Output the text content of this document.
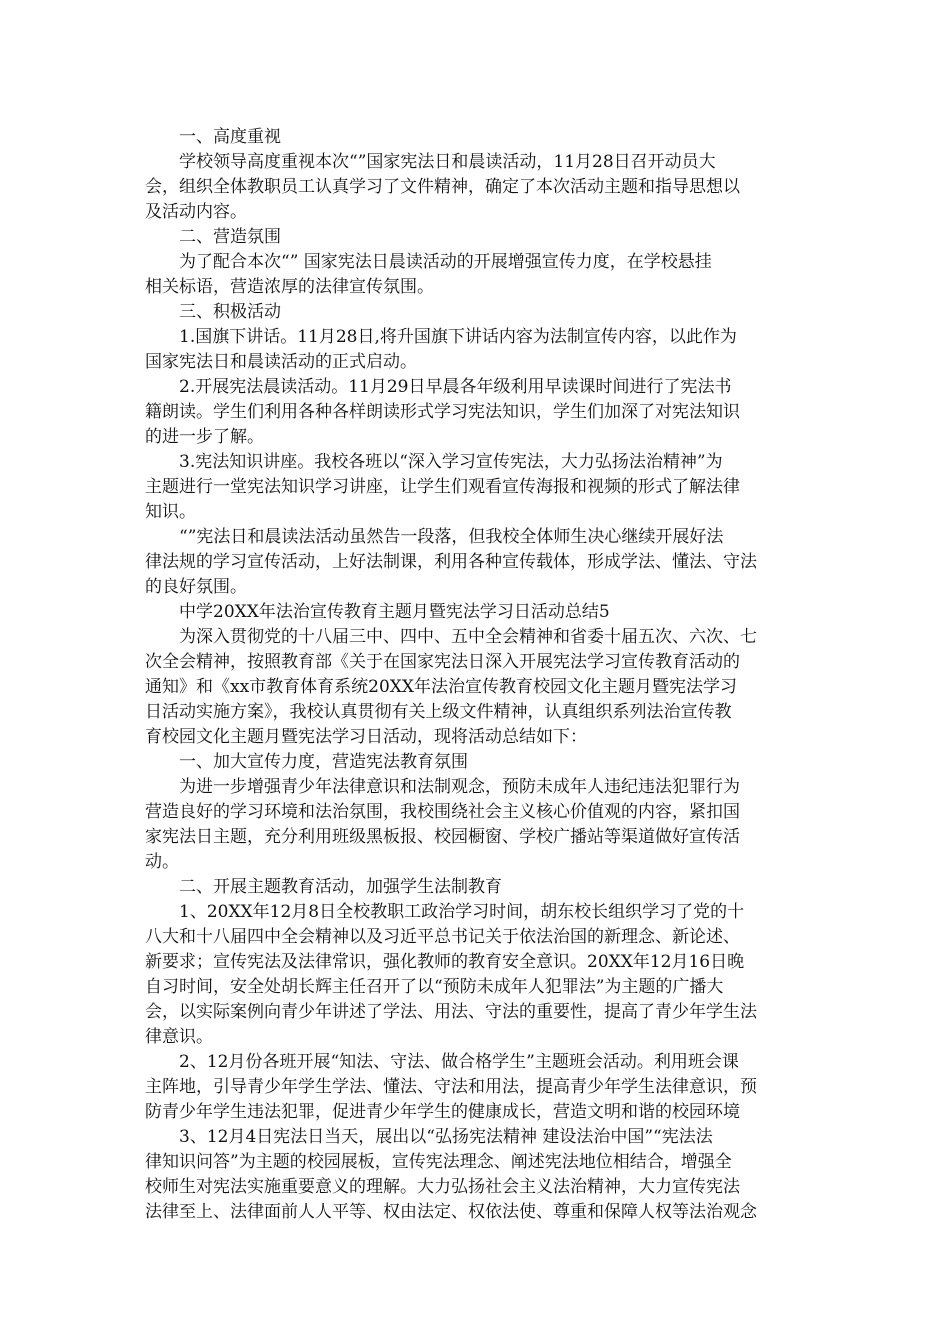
一、高度重视
学校领导高度重视本次“”国家宪法日和晨读活动，11月28日召开动员大
会，组织全体教职员工认真学习了文件精神，确定了本次活动主题和指导思想以
及活动内容。
二、营造氛围
为了配合本次“” 国家宪法日晨读活动的开展增强宣传力度，在学校悬挂
相关标语，营造浓厚的法律宣传氛围。
三、积极活动
1.国旗下讲话。11月28日,将升国旗下讲话内容为法制宣传内容，以此作为
国家宪法日和晨读活动的正式启动。
2.开展宪法晨读活动。11月29日早晨各年级利用早读课时间进行了宪法书
籍朗读。学生们利用各种各样朗读形式学习宪法知识，学生们加深了对宪法知识
的进一步了解。
3.宪法知识讲座。我校各班以“深入学习宣传宪法，大力弘扬法治精神”为
主题进行一堂宪法知识学习讲座，让学生们观看宣传海报和视频的形式了解法律
知识。
“”宪法日和晨读法活动虽然告一段落，但我校全体师生决心继续开展好法
律法规的学习宣传活动，上好法制课，利用各种宣传载体，形成学法、懂法、守法
的良好氛围。
中学20XX年法治宣传教育主题月暨宪法学习日活动总结5
为深入贯彻党的十八届三中、四中、五中全会精神和省委十届五次、六次、七
次全会精神，按照教育部《关于在国家宪法日深入开展宪法学习宣传教育活动的
通知》和《xx市教育体育系统20XX年法治宣传教育校园文化主题月暨宪法学习
日活动实施方案》，我校认真贯彻有关上级文件精神，认真组织系列法治宣传教
育校园文化主题月暨宪法学习日活动，现将活动总结如下：
一、加大宣传力度，营造宪法教育氛围
为进一步增强青少年法律意识和法制观念，预防未成年人违纪违法犯罪行为
营造良好的学习环境和法治氛围，我校围绕社会主义核心价值观的内容，紧扣国
家宪法日主题，充分利用班级黑板报、校园橱窗、学校广播站等渠道做好宣传活
动。
二、开展主题教育活动，加强学生法制教育
1、20XX年12月8日全校教职工政治学习时间，胡东校长组织学习了党的十
八大和十八届四中全会精神以及习近平总书记关于依法治国的新理念、新论述、
新要求；宣传宪法及法律常识，强化教师的教育安全意识。20XX年12月16日晚
自习时间，安全处胡长辉主任召开了以“预防未成年人犯罪法”为主题的广播大
会，以实际案例向青少年讲述了学法、用法、守法的重要性，提高了青少年学生法
律意识。
2、12月份各班开展“知法、守法、做合格学生”主题班会活动。利用班会课
主阵地，引导青少年学生学法、懂法、守法和用法，提高青少年学生法律意识，预
防青少年学生违法犯罪，促进青少年学生的健康成长，营造文明和谐的校园环境
3、12月4日宪法日当天，展出以“弘扬宪法精神 建设法治中国”“宪法法
律知识问答”为主题的校园展板，宣传宪法理念、阐述宪法地位相结合，增强全
校师生对宪法实施重要意义的理解。大力弘扬社会主义法治精神，大力宣传宪法
法律至上、法律面前人人平等、权由法定、权依法使、尊重和保障人权等法治观念
